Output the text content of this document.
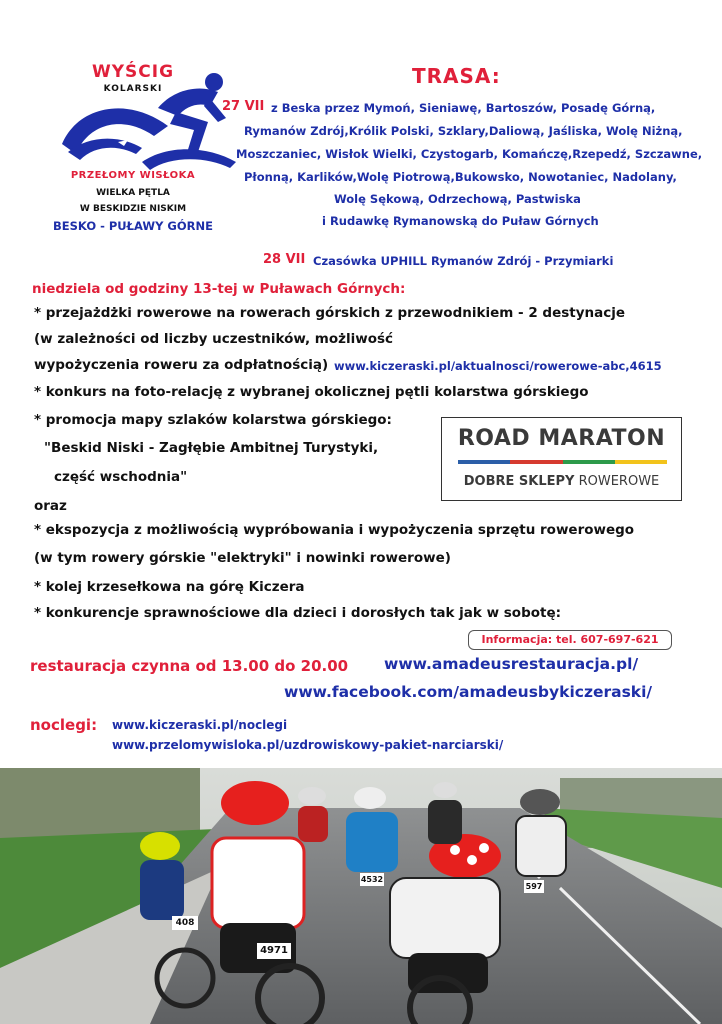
WYŚCIG
KOLARSKI
PRZEŁOMY WISŁOKA
WIELKA PĘTLA
W BESKIDZIE NISKIM
BESKO - PUŁAWY GÓRNE
TRASA:
27 VII z Beska przez Mymoń, Sieniawę, Bartoszów, Posadę Górną,
Rymanów Zdrój,Królik Polski, Szklary,Daliową, Jaśliska, Wolę Niżną,
Moszczaniec, Wisłok Wielki, Czystogarb, Komańczę,Rzepedź, Szczawne,
Płonną, Karlików,Wolę Piotrową,Bukowsko, Nowotaniec, Nadolany,
Wolę Sękową, Odrzechową, Pastwiska
i Rudawkę Rymanowską do Puław Górnych
28 VII Czasówka UPHILL Rymanów Zdrój - Przymiarki
niedziela od godziny 13-tej w Puławach Górnych:
* przejażdżki rowerowe na rowerach górskich z przewodnikiem - 2 destynacje
(w zależności od liczby uczestników, możliwość
wypożyczenia roweru za odpłatnością) www.kiczeraski.pl/aktualnosci/rowerowe-abc,4615
* konkurs na foto-relację z wybranej okolicznej pętli kolarstwa górskiego
* promocja mapy szlaków kolarstwa górskiego:
"Beskid Niski - Zagłębie Ambitnej Turystyki,
część wschodnia"
oraz
* ekspozycja z możliwością wypróbowania i wypożyczenia sprzętu rowerowego
(w tym rowery górskie "elektryki" i nowinki rowerowe)
* kolej krzesełkowa na górę Kiczera
* konkurencje sprawnościowe dla dzieci i dorosłych tak jak w sobotę:
ROAD MARATON
DOBRE SKLEPY ROWEROWE
Informacja: tel. 607-697-621
restauracja czynna od 13.00 do 20.00 www.amadeusrestauracja.pl/
www.facebook.com/amadeusbykiczeraski/
noclegi: www.kiczeraski.pl/noclegi
www.przelomywisloka.pl/uzdrowiskowy-pakiet-narciarski/
408
4971
4532
597
